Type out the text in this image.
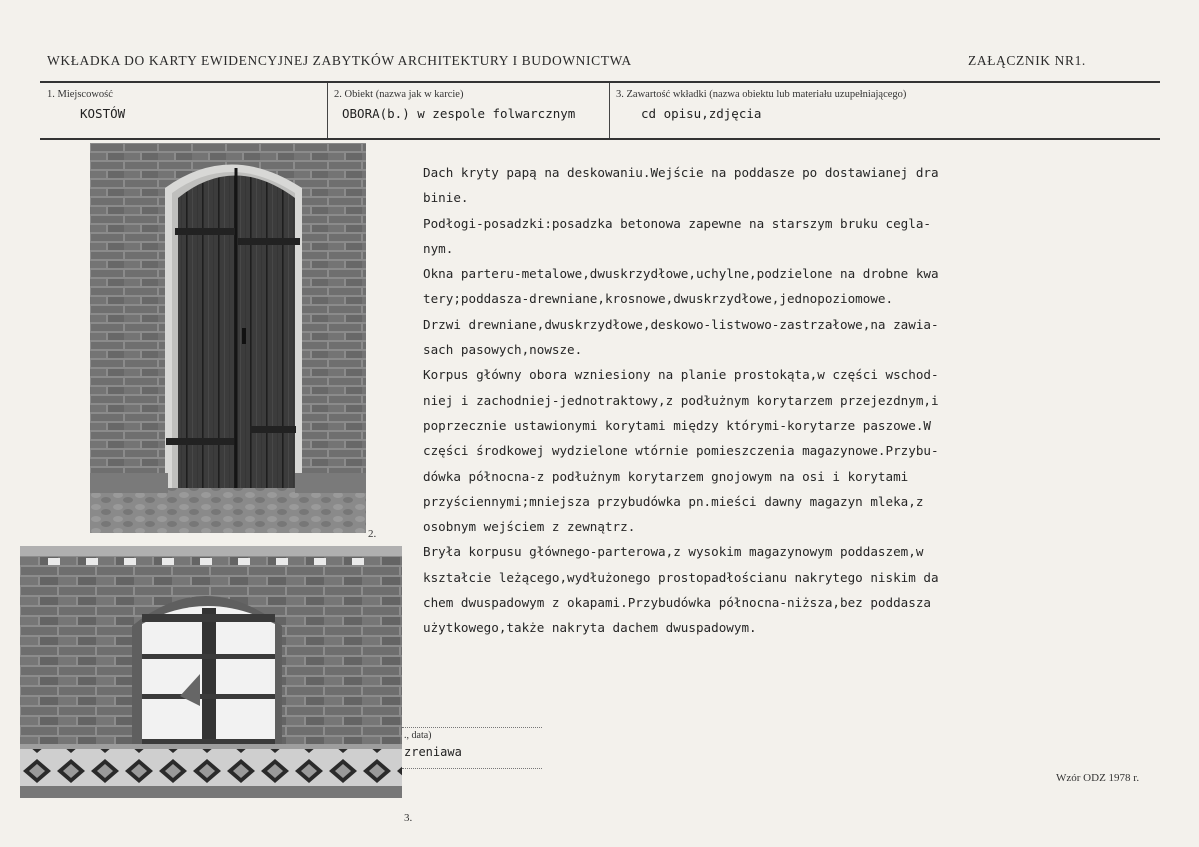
WKŁADKA DO KARTY EWIDENCYJNEJ ZABYTKÓW ARCHITEKTURY I BUDOWNICTWA	ZAŁĄCZNIK NR1.
1. Miejscowość
KOSTÓW
2. Obiekt (nazwa jak w karcie)
OBORA(b.) w zespole folwarcznym
3. Zawartość wkładki (nazwa obiektu lub materiału uzupełniającego)
cd opisu,zdjęcia
2.
3.
Dach kryty papą na deskowaniu.Wejście na poddasze po dostawianej dra
binie.
Podłogi-posadzki:posadzka betonowa zapewne na starszym bruku cegla-
nym.
Okna parteru-metalowe,dwuskrzydłowe,uchylne,podzielone na drobne kwa
tery;poddasza-drewniane,krosnowe,dwuskrzydłowe,jednopoziomowe.
Drzwi drewniane,dwuskrzydłowe,deskowo-listwowo-zastrzałowe,na zawia-
sach pasowych,nowsze.
Korpus główny obora wzniesiony na planie prostokąta,w części wschod-
niej i zachodniej-jednotraktowy,z podłużnym korytarzem przejezdnym,i
poprzecznie ustawionymi korytami między którymi-korytarze paszowe.W
części środkowej wydzielone wtórnie pomieszczenia magazynowe.Przybu-
dówka północna-z podłużnym korytarzem gnojowym na osi i korytami
przyściennymi;mniejsza przybudówka pn.mieści dawny magazyn mleka,z
osobnym wejściem z zewnątrz.
Bryła korpusu głównego-parterowa,z wysokim magazynowym poddaszem,w
kształcie leżącego,wydłużonego prostopadłościanu nakrytego niskim da
chem dwuspadowym z okapami.Przybudówka północna-niższa,bez poddasza
użytkowego,także nakryta dachem dwuspadowym.
., data)
zreniawa
Wzór ODZ 1978 r.
